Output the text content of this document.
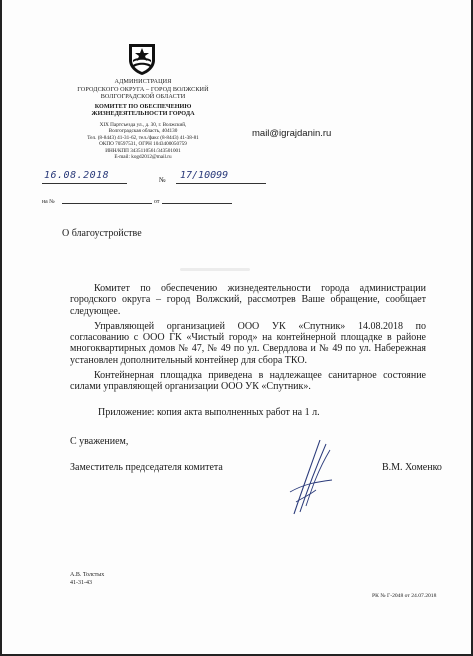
АДМИНИСТРАЦИЯ
ГОРОДСКОГО ОКРУГА – ГОРОД ВОЛЖСКИЙ
ВОЛГОГРАДСКОЙ ОБЛАСТИ
КОМИТЕТ ПО ОБЕСПЕЧЕНИЮ
ЖИЗНЕДЕЯТЕЛЬНОСТИ ГОРОДА
XIX Партсъезда ул., д. 30, г. Волжский,
Волгоградская область, 404130
Тел. (8-8443) 41-31-62, тел./факс (8-8443) 41-38-81
ОКПО 70597531, ОГРН 1043400050759
ИНН/КПП 3435110561/343501001
E-mail: kogd2012@mail.ru
16.08.2018	№ 17/10099
на №	от
mail@igrajdanin.ru
О благоустройстве

Комитет по обеспечению жизнедеятельности города администрации городского округа – город Волжский, рассмотрев Ваше обращение, сообщает следующее.

Управляющей организацией ООО УК «Спутник» 14.08.2018 по согласованию с ООО ГК «Чистый город» на контейнерной площадке в районе многоквартирных домов № 47, № 49 по ул. Свердлова и № 49 по ул. Набережная установлен дополнительный контейнер для сбора ТКО.

Контейнерная площадка приведена в надлежащее санитарное состояние силами управляющей организации ООО УК «Спутник».

Приложение: копия акта выполненных работ на 1 л.
С уважением,
Заместитель председателя комитета	В.М. Хоменко
А.В. Толстых
41-31-43
РК № Г-2048 от 24.07.2018
